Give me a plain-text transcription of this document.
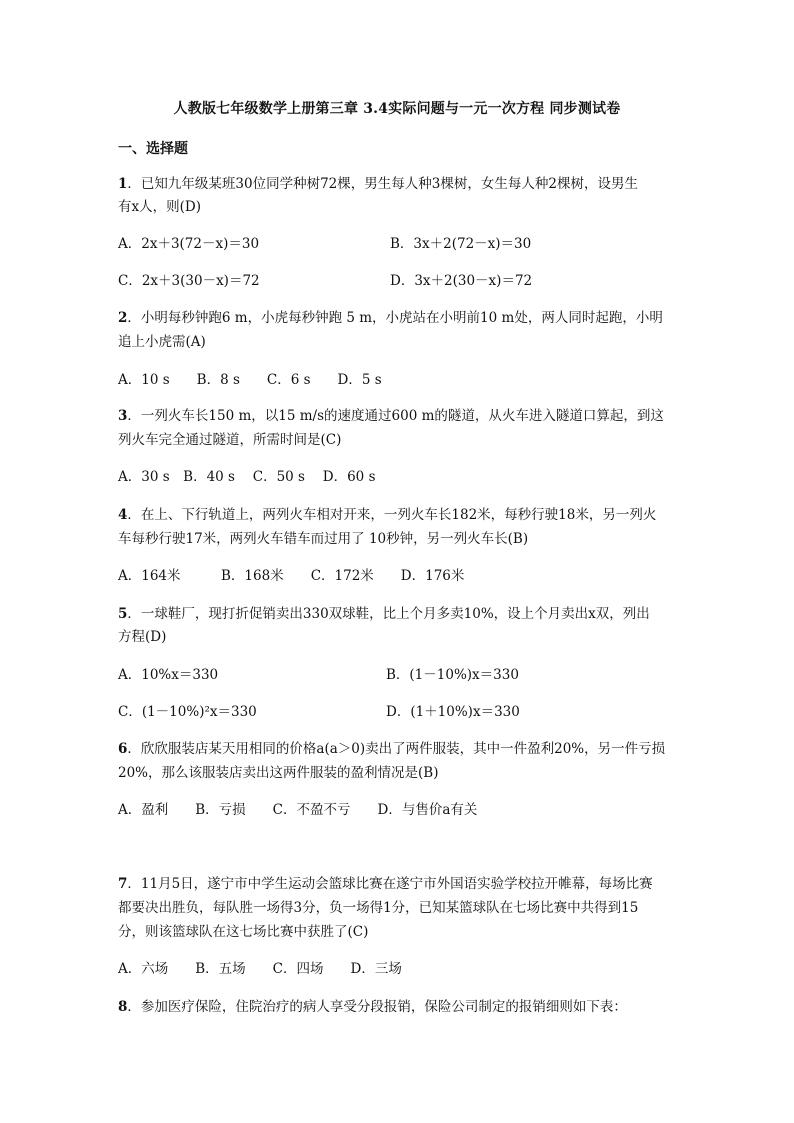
人教版七年级数学上册第三章 3.4实际问题与一元一次方程 同步测试卷
一、选择题
1．已知九年级某班30位同学种树72棵，男生每人种3棵树，女生每人种2棵树，设男生
有x人，则(D)
A．2x＋3(72－x)＝30	B．3x＋2(72－x)＝30
C．2x＋3(30－x)＝72	D．3x＋2(30－x)＝72
2．小明每秒钟跑6 m，小虎每秒钟跑 5 m，小虎站在小明前10 m处，两人同时起跑，小明
追上小虎需(A)
A．10 s　　B．8 s　　C．6 s　　D．5 s
3．一列火车长150 m，以15 m/s的速度通过600 m的隧道，从火车进入隧道口算起，到这
列火车完全通过隧道，所需时间是(C)
A．30 s　B．40 s　 C．50 s　 D．60 s
4．在上、下行轨道上，两列火车相对开来，一列火车长182米，每秒行驶18米，另一列火
车每秒行驶17米，两列火车错车而过用了 10秒钟，另一列火车长(B)
A．164米　　　B．168米　　C．172米　　D．176米
5．一球鞋厂，现打折促销卖出330双球鞋，比上个月多卖10%，设上个月卖出x双，列出
方程(D)
A．10%x＝330	B．(1－10%)x＝330
C．(1－10%)²x＝330	D．(1＋10%)x＝330
6．欣欣服装店某天用相同的价格a(a＞0)卖出了两件服装，其中一件盈利20%，另一件亏损
20%，那么该服装店卖出这两件服装的盈利情况是(B)
A．盈利　　B．亏损　　C．不盈不亏　　D．与售价a有关
7．11月5日，遂宁市中学生运动会篮球比赛在遂宁市外国语实验学校拉开帷幕，每场比赛
都要决出胜负，每队胜一场得3分，负一场得1分，已知某篮球队在七场比赛中共得到15
分，则该篮球队在这七场比赛中获胜了(C)
A．六场　　B．五场　　C．四场　　D．三场
8．参加医疗保险，住院治疗的病人享受分段报销，保险公司制定的报销细则如下表：
